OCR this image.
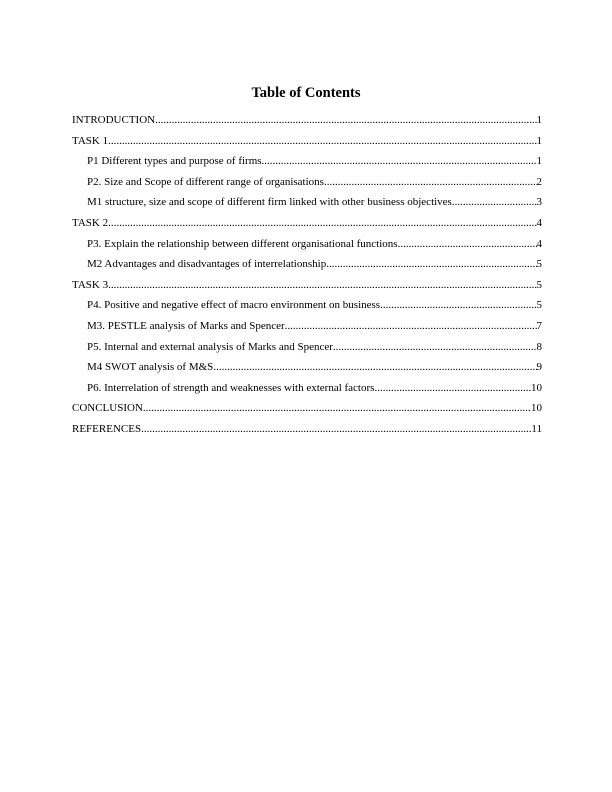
Table of Contents
INTRODUCTION .....	1
TASK 1 .....	1
P1 Different types and purpose of firms .....	1
P2. Size and Scope of different range of organisations .....	2
M1 structure, size and scope of different firm linked with other business objectives .....	3
TASK 2 .....	4
P3. Explain the relationship between different organisational functions .....	4
M2 Advantages and disadvantages of interrelationship .....	5
TASK 3 .....	5
P4. Positive and negative effect of macro environment on business .....	5
M3. PESTLE analysis of Marks and Spencer .....	7
P5. Internal and external analysis of Marks and Spencer .....	8
M4 SWOT analysis of M&S .....	9
P6. Interrelation of strength and weaknesses with external factors .....	10
CONCLUSION .....	10
REFERENCES .....	11
